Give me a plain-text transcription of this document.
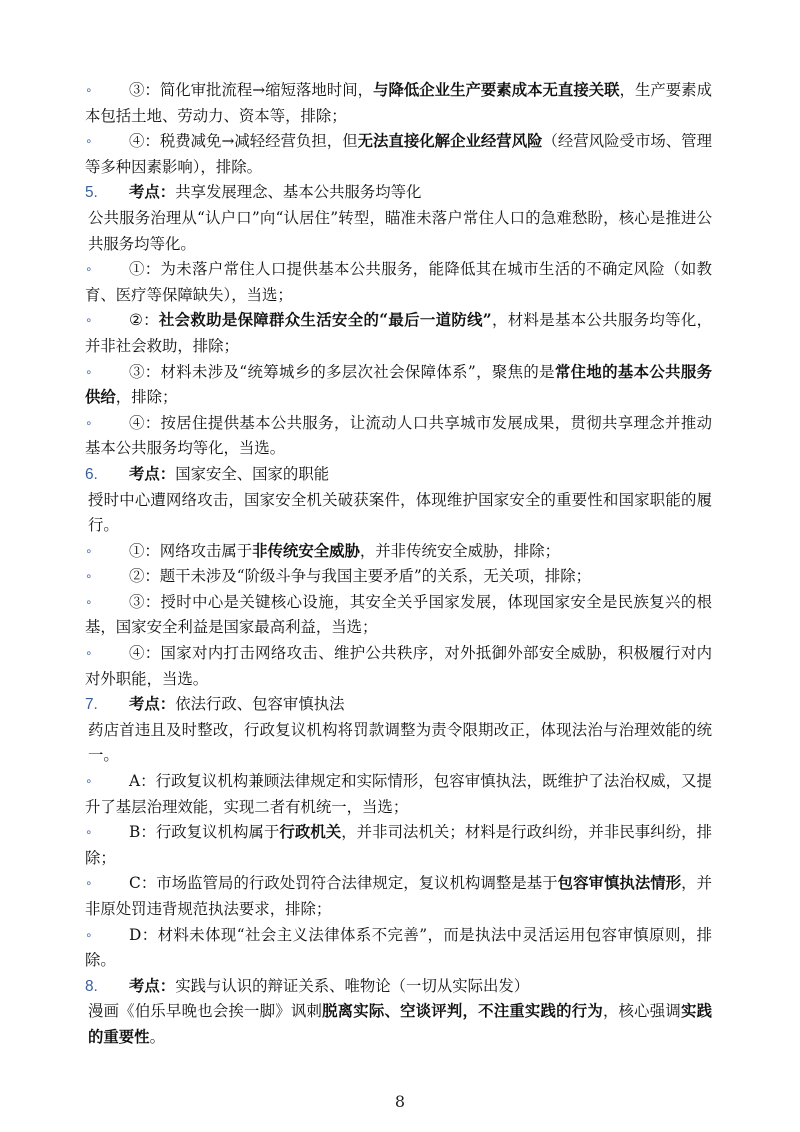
∘ ③：简化审批流程→缩短落地时间，与降低企业生产要素成本无直接关联，生产要素成本包括土地、劳动力、资本等，排除；
∘ ④：税费减免→减轻经营负担，但无法直接化解企业经营风险（经营风险受市场、管理等多种因素影响），排除。
5. 考点：共享发展理念、基本公共服务均等化
公共服务治理从“认户口”向“认居住”转型，瞄准未落户常住人口的急难愁盼，核心是推进公共服务均等化。
∘ ①：为未落户常住人口提供基本公共服务，能降低其在城市生活的不确定风险（如教育、医疗等保障缺失），当选；
∘ ②：社会救助是保障群众生活安全的“最后一道防线”，材料是基本公共服务均等化，并非社会救助，排除；
∘ ③：材料未涉及“统筹城乡的多层次社会保障体系”，聚焦的是常住地的基本公共服务供给，排除；
∘ ④：按居住提供基本公共服务，让流动人口共享城市发展成果，贯彻共享理念并推动基本公共服务均等化，当选。
6. 考点：国家安全、国家的职能
授时中心遭网络攻击，国家安全机关破获案件，体现维护国家安全的重要性和国家职能的履行。
∘ ①：网络攻击属于非传统安全威胁，并非传统安全威胁，排除；
∘ ②：题干未涉及“阶级斗争与我国主要矛盾”的关系，无关项，排除；
∘ ③：授时中心是关键核心设施，其安全关乎国家发展，体现国家安全是民族复兴的根基，国家安全利益是国家最高利益，当选；
∘ ④：国家对内打击网络攻击、维护公共秩序，对外抵御外部安全威胁，积极履行对内对外职能，当选。
7. 考点：依法行政、包容审慎执法
药店首违且及时整改，行政复议机构将罚款调整为责令限期改正，体现法治与治理效能的统一。
∘ A：行政复议机构兼顾法律规定和实际情形，包容审慎执法，既维护了法治权威，又提升了基层治理效能，实现二者有机统一，当选；
∘ B：行政复议机构属于行政机关，并非司法机关；材料是行政纠纷，并非民事纠纷，排除；
∘ C：市场监管局的行政处罚符合法律规定，复议机构调整是基于包容审慎执法情形，并非原处罚违背规范执法要求，排除；
∘ D：材料未体现“社会主义法律体系不完善”，而是执法中灵活运用包容审慎原则，排除。
8. 考点：实践与认识的辩证关系、唯物论（一切从实际出发）
漫画《伯乐早晚也会挨一脚》讽刺脱离实际、空谈评判，不注重实践的行为，核心强调实践的重要性。
8
